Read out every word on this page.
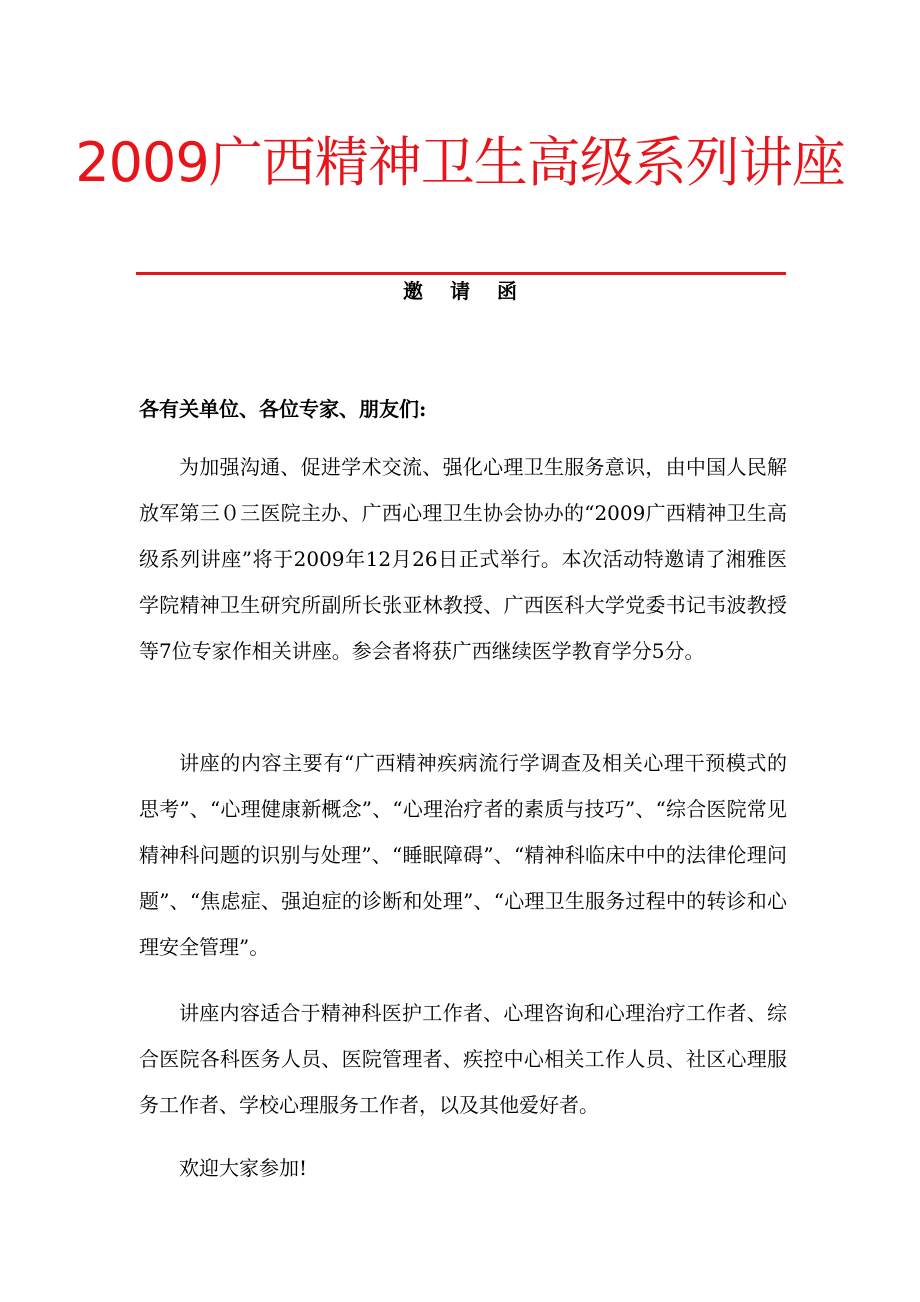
2009广西精神卫生高级系列讲座
邀 请 函
各有关单位、各位专家、朋友们:

为加强沟通、促进学术交流、强化心理卫生服务意识，由中国人民解放军第三０三医院主办、广西心理卫生协会协办的“2009广西精神卫生高级系列讲座”将于2009年12月26日正式举行。本次活动特邀请了湘雅医学院精神卫生研究所副所长张亚林教授、广西医科大学党委书记韦波教授等7位专家作相关讲座。参会者将获广西继续医学教育学分5分。

讲座的内容主要有“广西精神疾病流行学调查及相关心理干预模式的思考”、“心理健康新概念”、“心理治疗者的素质与技巧”、“综合医院常见精神科问题的识别与处理”、“睡眠障碍”、“精神科临床中中的法律伦理问题”、“焦虑症、强迫症的诊断和处理”、“心理卫生服务过程中的转诊和心理安全管理”。

讲座内容适合于精神科医护工作者、心理咨询和心理治疗工作者、综合医院各科医务人员、医院管理者、疾控中心相关工作人员、社区心理服务工作者、学校心理服务工作者，以及其他爱好者。

欢迎大家参加!
